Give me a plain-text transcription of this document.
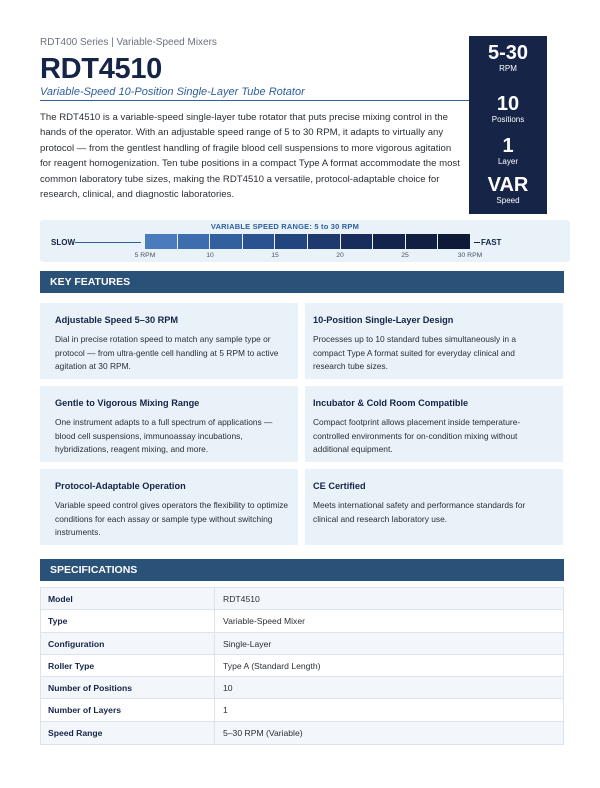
RDT400 Series | Variable-Speed Mixers
RDT4510
Variable-Speed 10-Position Single-Layer Tube Rotator
The RDT4510 is a variable-speed single-layer tube rotator that puts precise mixing control in the hands of the operator. With an adjustable speed range of 5 to 30 RPM, it adapts to virtually any protocol — from the gentlest handling of fragile blood cell suspensions to more vigorous agitation for reagent homogenization. Ten tube positions in a compact Type A format accommodate the most common laboratory tube sizes, making the RDT4510 a versatile, protocol-adaptable choice for research, clinical, and diagnostic laboratories.
5-30
RPM
10
Positions
1
Layer
VAR
Speed
VARIABLE SPEED RANGE: 5 to 30 RPM
SLOW	FAST
5 RPM	10	15	20	25	30 RPM
KEY FEATURES
Adjustable Speed 5–30 RPM

Dial in precise rotation speed to match any sample type or protocol — from ultra-gentle cell handling at 5 RPM to active agitation at 30 RPM.

10-Position Single-Layer Design

Processes up to 10 standard tubes simultaneously in a compact Type A format suited for everyday clinical and research tube sizes.

Gentle to Vigorous Mixing Range

One instrument adapts to a full spectrum of applications — blood cell suspensions, immunoassay incubations, hybridizations, reagent mixing, and more.

Incubator & Cold Room Compatible

Compact footprint allows placement inside temperature-controlled environments for on-condition mixing without additional equipment.

Protocol-Adaptable Operation

Variable speed control gives operators the flexibility to optimize conditions for each assay or sample type without switching instruments.

CE Certified

Meets international safety and performance standards for clinical and research laboratory use.

SPECIFICATIONS
Model	RDT4510
Type	Variable-Speed Mixer
Configuration	Single-Layer
Roller Type	Type A (Standard Length)
Number of Positions	10
Number of Layers	1
Speed Range	5–30 RPM (Variable)
